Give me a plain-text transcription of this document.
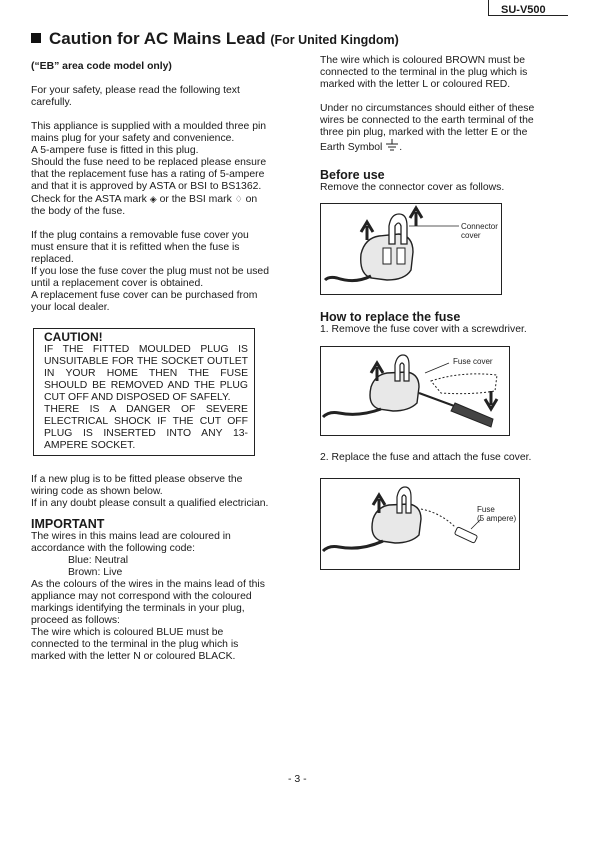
SU-V500
Caution for AC Mains Lead (For United Kingdom)

(“EB” area code model only)

For your safety, please read the following text carefully.

This appliance is supplied with a moulded three pin mains plug for your safety and convenience.

A 5-ampere fuse is fitted in this plug.

Should the fuse need to be replaced please ensure that the replacement fuse has a rating of 5-ampere and that it is approved by ASTA or BSI to BS1362.

Check for the ASTA mark ◈ or the BSI mark ♢ on the body of the fuse.

If the plug contains a removable fuse cover you must ensure that it is refitted when the fuse is replaced.

If you lose the fuse cover the plug must not be used until a replacement cover is obtained.

A replacement fuse cover can be purchased from your local dealer.

CAUTION!

IF THE FITTED MOULDED PLUG IS UNSUITABLE FOR THE SOCKET OUTLET IN YOUR HOME THEN THE FUSE SHOULD BE REMOVED AND THE PLUG CUT OFF AND DISPOSED OF SAFELY.

THERE IS A DANGER OF SEVERE ELECTRICAL SHOCK IF THE CUT OFF PLUG IS INSERTED INTO ANY 13-AMPERE SOCKET.

If a new plug is to be fitted please observe the wiring code as shown below.

If in any doubt please consult a qualified electrician.

IMPORTANT

The wires in this mains lead are coloured in accordance with the following code:

Blue: Neutral

Brown: Live

As the colours of the wires in the mains lead of this appliance may not correspond with the coloured markings identifying the terminals in your plug, proceed as follows:

The wire which is coloured BLUE must be connected to the terminal in the plug which is marked with the letter N or coloured BLACK.

The wire which is coloured BROWN must be connected to the terminal in the plug which is marked with the letter L or coloured RED.

Under no circumstances should either of these wires be connected to the earth terminal of the three pin plug, marked with the letter E or the Earth Symbol .

Before use

Remove the connector cover as follows.

Connector
cover

How to replace the fuse

1. Remove the fuse cover with a screwdriver.

Fuse cover

2. Replace the fuse and attach the fuse cover.

Fuse
(5 ampere)
- 3 -
